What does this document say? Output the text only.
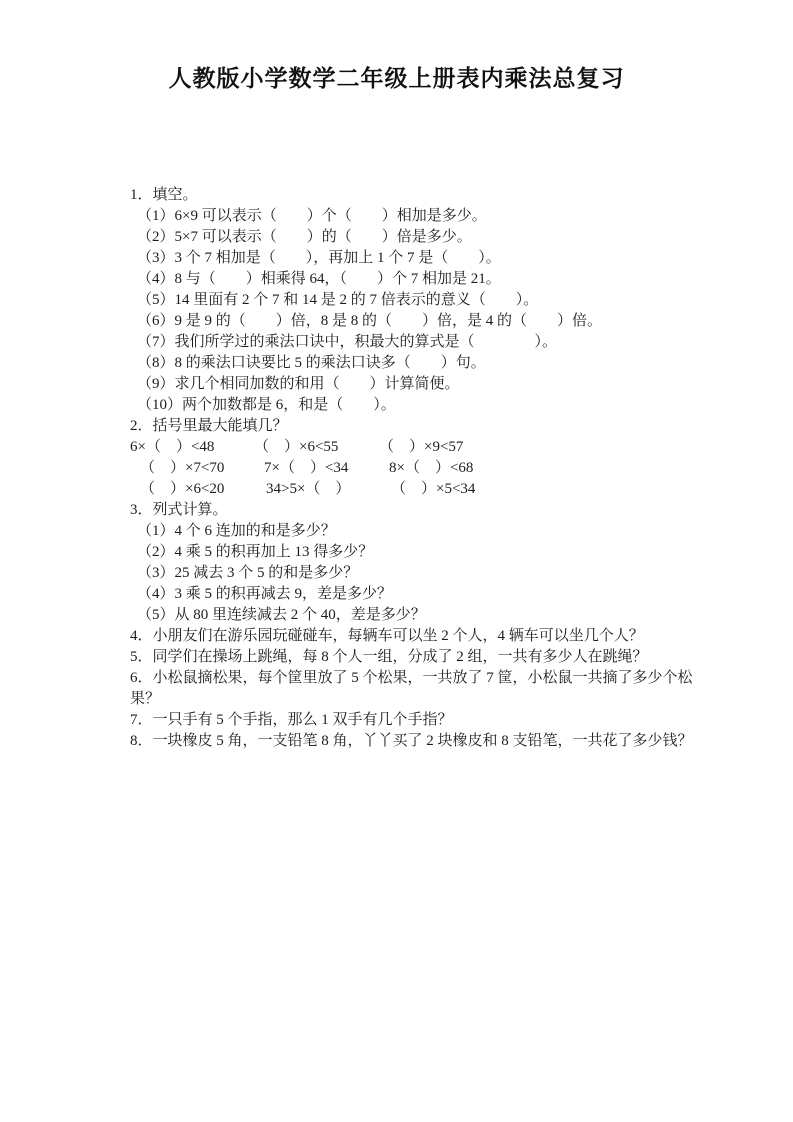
人教版小学数学二年级上册表内乘法总复习
1．填空。
（1）6×9 可以表示（　　）个（　　）相加是多少。
（2）5×7 可以表示（　　）的（　　）倍是多少。
（3）3 个 7 相加是（　　），再加上 1 个 7 是（　　）。
（4）8 与（　　）相乘得 64，（　　）个 7 相加是 21。
（5）14 里面有 2 个 7 和 14 是 2 的 7 倍表示的意义（　　）。
（6）9 是 9 的（　　）倍，8 是 8 的（　　）倍，是 4 的（　　）倍。
（7）我们所学过的乘法口诀中，积最大的算式是（　　　　）。
（8）8 的乘法口诀要比 5 的乘法口诀多（　　）句。
（9）求几个相同加数的和用（　　）计算简便。
（10）两个加数都是 6，和是（　　）。
2．括号里最大能填几？
6×（　）<48	（　）×6<55	（　）×9<57
（　）×7<70	7×（　）<34	8×（　）<68
（　）×6<20	34>5×（　）	（　）×5<34
3．列式计算。
（1）4 个 6 连加的和是多少？
（2）4 乘 5 的积再加上 13 得多少？
（3）25 减去 3 个 5 的和是多少？
（4）3 乘 5 的积再减去 9，差是多少？
（5）从 80 里连续减去 2 个 40，差是多少？
4．小朋友们在游乐园玩碰碰车，每辆车可以坐 2 个人，4 辆车可以坐几个人？
5．同学们在操场上跳绳，每 8 个人一组，分成了 2 组，一共有多少人在跳绳？
6．小松鼠摘松果，每个筐里放了 5 个松果，一共放了 7 筐，小松鼠一共摘了多少个松
果？
7．一只手有 5 个手指，那么 1 双手有几个手指？
8．一块橡皮 5 角，一支铅笔 8 角，丫丫买了 2 块橡皮和 8 支铅笔，一共花了多少钱？
